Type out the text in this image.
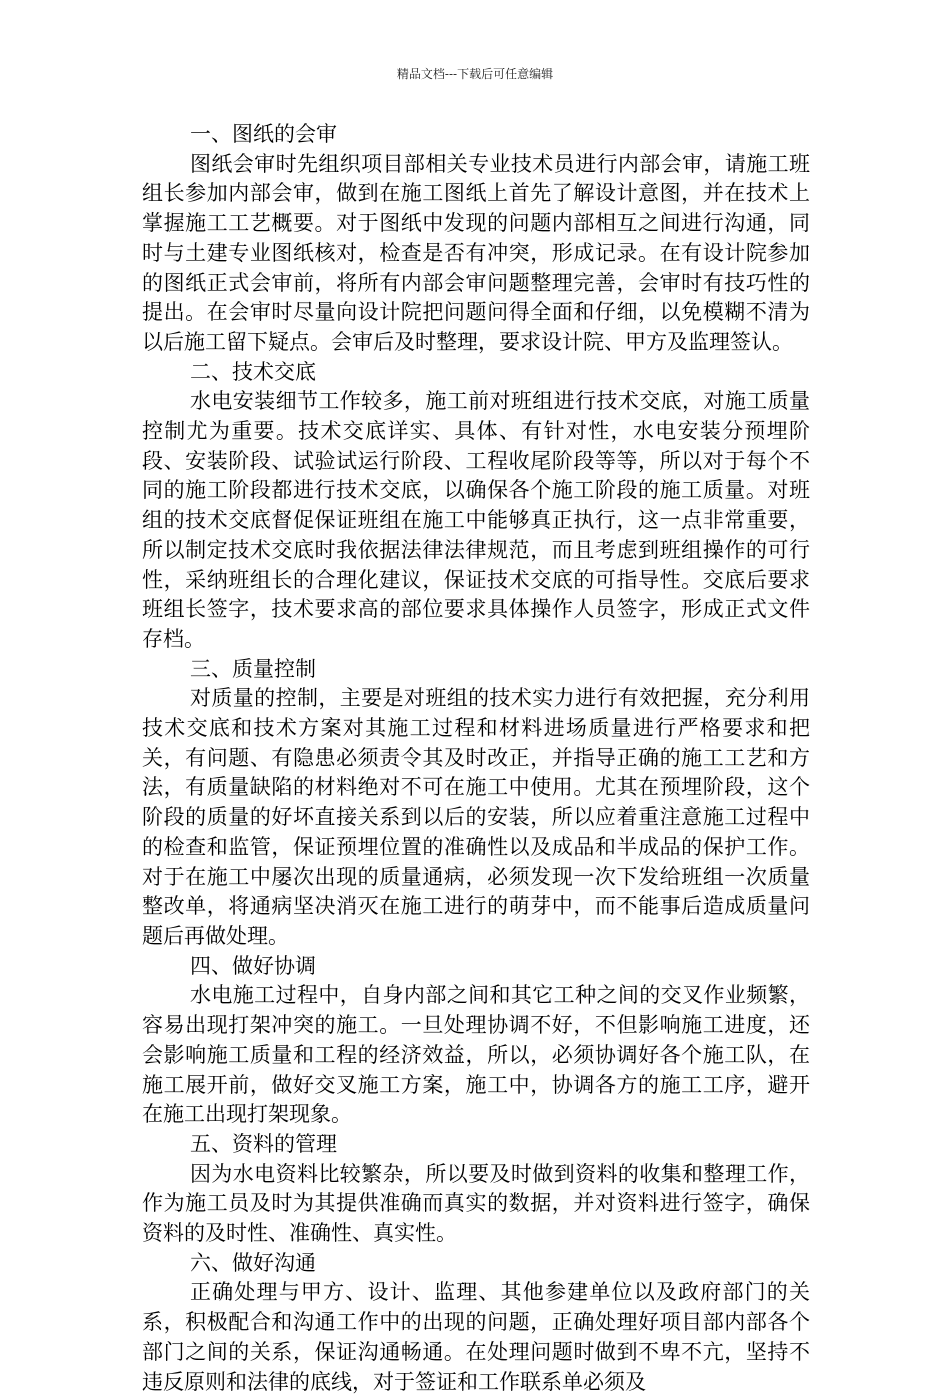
精品文档---下载后可任意编辑

一、图纸的会审

图纸会审时先组织项目部相关专业技术员进行内部会审，请施工班组长参加内部会审，做到在施工图纸上首先了解设计意图，并在技术上掌握施工工艺概要。对于图纸中发现的问题内部相互之间进行沟通，同时与土建专业图纸核对，检查是否有冲突，形成记录。在有设计院参加的图纸正式会审前，将所有内部会审问题整理完善，会审时有技巧性的提出。在会审时尽量向设计院把问题问得全面和仔细，以免模糊不清为以后施工留下疑点。会审后及时整理，要求设计院、甲方及监理签认。

二、技术交底

水电安装细节工作较多，施工前对班组进行技术交底，对施工质量控制尤为重要。技术交底详实、具体、有针对性，水电安装分预埋阶段、安装阶段、试验试运行阶段、工程收尾阶段等等，所以对于每个不同的施工阶段都进行技术交底，以确保各个施工阶段的施工质量。对班组的技术交底督促保证班组在施工中能够真正执行，这一点非常重要，所以制定技术交底时我依据法律法律规范，而且考虑到班组操作的可行性，采纳班组长的合理化建议，保证技术交底的可指导性。交底后要求班组长签字，技术要求高的部位要求具体操作人员签字，形成正式文件存档。

三、质量控制

对质量的控制，主要是对班组的技术实力进行有效把握，充分利用技术交底和技术方案对其施工过程和材料进场质量进行严格要求和把关，有问题、有隐患必须责令其及时改正，并指导正确的施工工艺和方法，有质量缺陷的材料绝对不可在施工中使用。尤其在预埋阶段，这个阶段的质量的好坏直接关系到以后的安装，所以应着重注意施工过程中的检查和监管，保证预埋位置的准确性以及成品和半成品的保护工作。对于在施工中屡次出现的质量通病，必须发现一次下发给班组一次质量整改单，将通病坚决消灭在施工进行的萌芽中，而不能事后造成质量问题后再做处理。

四、做好协调

水电施工过程中，自身内部之间和其它工种之间的交叉作业频繁，容易出现打架冲突的施工。一旦处理协调不好，不但影响施工进度，还会影响施工质量和工程的经济效益，所以，必须协调好各个施工队，在施工展开前，做好交叉施工方案，施工中，协调各方的施工工序，避开在施工出现打架现象。

五、资料的管理

因为水电资料比较繁杂，所以要及时做到资料的收集和整理工作，作为施工员及时为其提供准确而真实的数据，并对资料进行签字，确保资料的及时性、准确性、真实性。

六、做好沟通

正确处理与甲方、设计、监理、其他参建单位以及政府部门的关系，积极配合和沟通工作中的出现的问题，正确处理好项目部内部各个部门之间的关系，保证沟通畅通。在处理问题时做到不卑不亢，坚持不违反原则和法律的底线，对于签证和工作联系单必须及
